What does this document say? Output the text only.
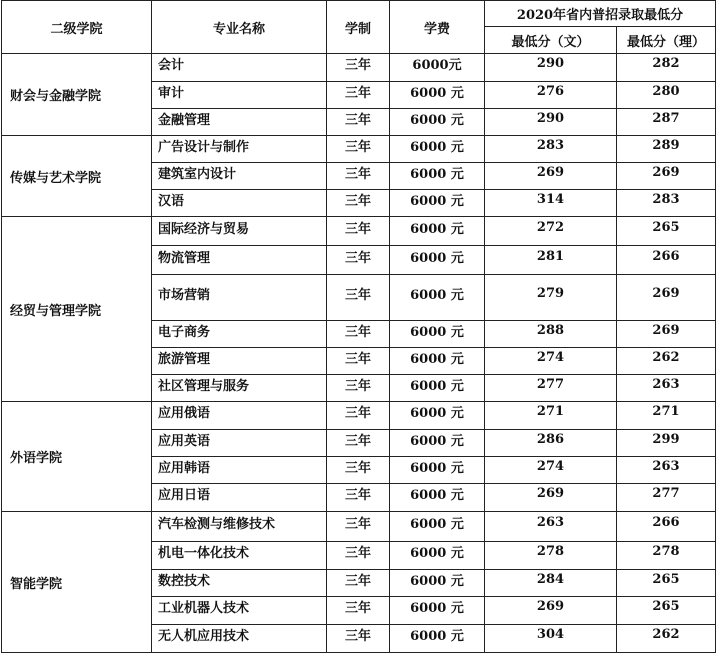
二级学院	专业名称	学制	学费	2020年省内普招录取最低分	
				最低分（文）	最低分（理）
财会与金融学院	会计	三年	6000元	290	282
	审计	三年	6000 元	276	280
	金融管理	三年	6000 元	290	287
传媒与艺术学院	广告设计与制作	三年	6000 元	283	289
	建筑室内设计	三年	6000 元	269	269
	汉语	三年	6000 元	314	283
经贸与管理学院	国际经济与贸易	三年	6000 元	272	265
	物流管理	三年	6000 元	281	266
	市场营销	三年	6000 元	279	269
	电子商务	三年	6000 元	288	269
	旅游管理	三年	6000 元	274	262
	社区管理与服务	三年	6000 元	277	263
外语学院	应用俄语	三年	6000 元	271	271
	应用英语	三年	6000 元	286	299
	应用韩语	三年	6000 元	274	263
	应用日语	三年	6000 元	269	277
智能学院	汽车检测与维修技术	三年	6000 元	263	266
	机电一体化技术	三年	6000 元	278	278
	数控技术	三年	6000 元	284	265
	工业机器人技术	三年	6000 元	269	265
	无人机应用技术	三年	6000 元	304	262
